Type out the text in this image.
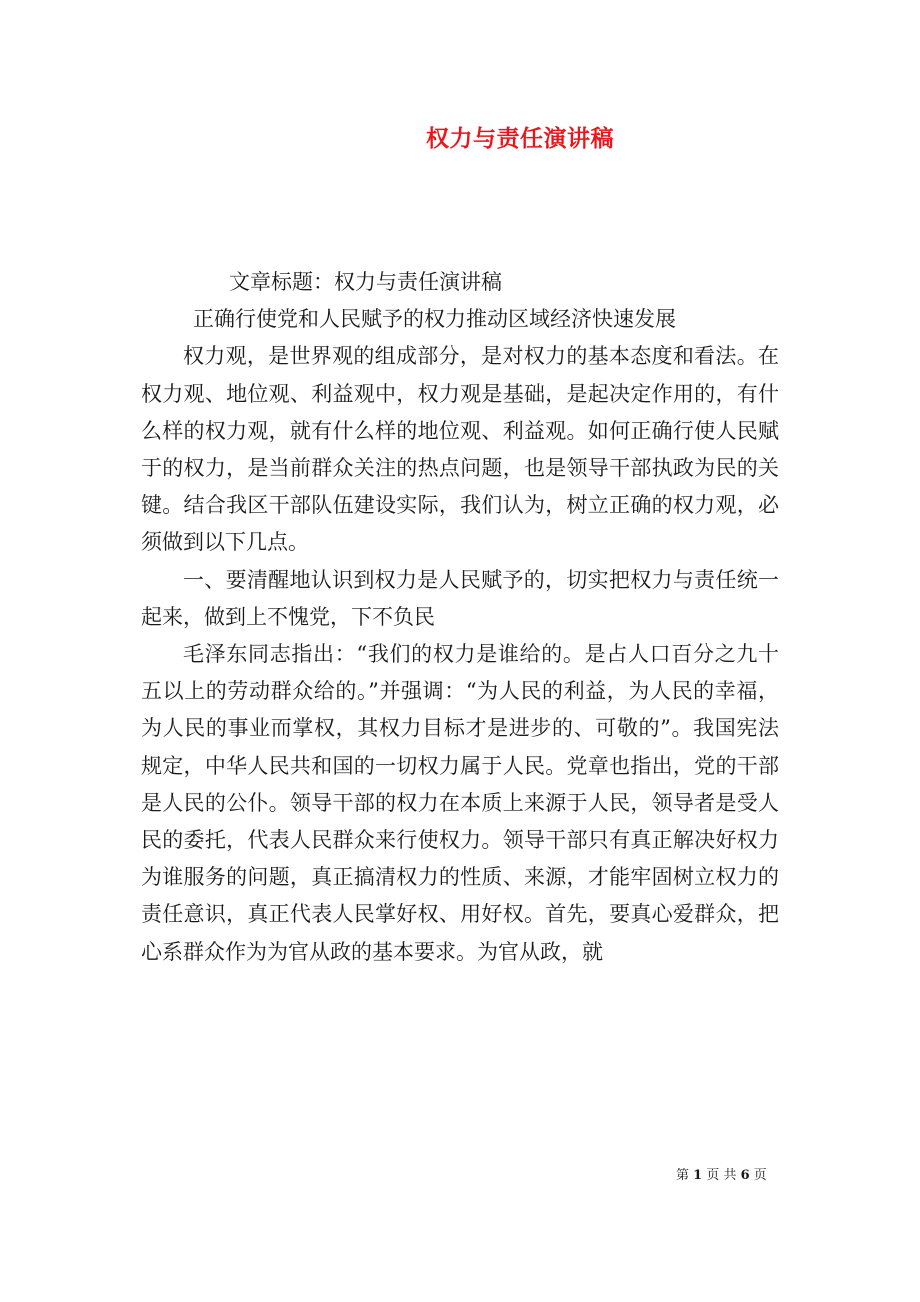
权力与责任演讲稿

文章标题：权力与责任演讲稿

正确行使党和人民赋予的权力推动区域经济快速发展

权力观，是世界观的组成部分，是对权力的基本态度和看法。在权力观、地位观、利益观中，权力观是基础，是起决定作用的，有什么样的权力观，就有什么样的地位观、利益观。如何正确行使人民赋于的权力，是当前群众关注的热点问题，也是领导干部执政为民的关键。结合我区干部队伍建设实际，我们认为，树立正确的权力观，必须做到以下几点。

一、要清醒地认识到权力是人民赋予的，切实把权力与责任统一起来，做到上不愧党，下不负民

毛泽东同志指出：“我们的权力是谁给的。是占人口百分之九十五以上的劳动群众给的。”并强调：“为人民的利益，为人民的幸福，为人民的事业而掌权，其权力目标才是进步的、可敬的”。我国宪法规定，中华人民共和国的一切权力属于人民。党章也指出，党的干部是人民的公仆。领导干部的权力在本质上来源于人民，领导者是受人民的委托，代表人民群众来行使权力。领导干部只有真正解决好权力为谁服务的问题，真正搞清权力的性质、来源，才能牢固树立权力的责任意识，真正代表人民掌好权、用好权。首先，要真心爱群众，把心系群众作为为官从政的基本要求。为官从政，就

第 1 页 共 6 页
